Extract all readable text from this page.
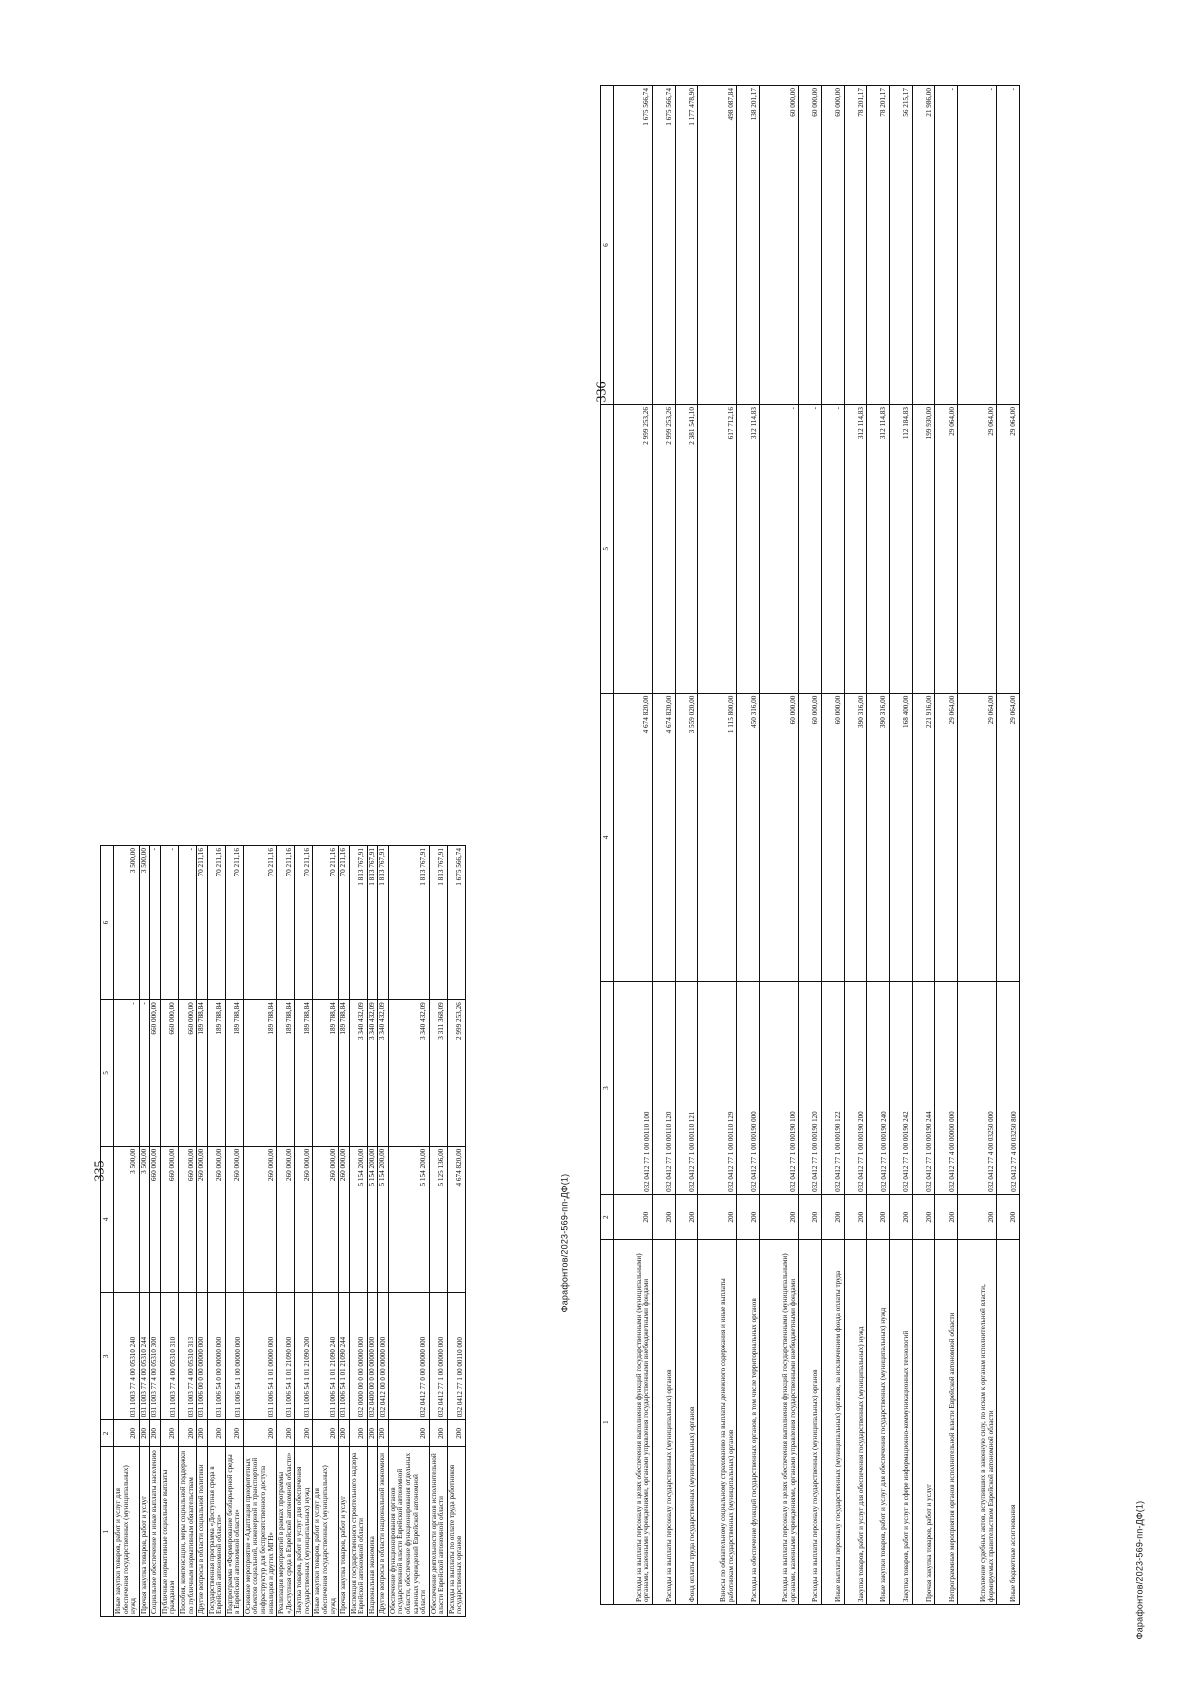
335
336
1	2	3	4	5	6
Иные закупки товаров, работ и услуг для обеспечения государственных (муниципальных) нужд	200	031 1003 77 4 00 05310 240	3 500,00	-	3 500,00
Прочая закупка товаров, работ и услуг	200	031 1003 77 4 00 05310 244	3 500,00	-	3 500,00
Социальное обеспечение и иные выплаты населению	200	031 1003 77 4 00 05310 300	660 000,00	660 000,00	-
Публичные нормативные социальные выплаты гражданам	200	031 1003 77 4 00 05310 310	660 000,00	660 000,00	-
Пособия, компенсации, меры социальной поддержки по публичным нормативным обязательствам	200	031 1003 77 4 00 05310 313	660 000,00	660 000,00	-
Другие вопросы в области социальной политики	200	031 1006 00 0 00 00000 000	260 000,00	189 788,84	70 211,16
Государственная программа «Доступная среда в Еврейской автономной области»	200	031 1006 54 0 00 00000 000	260 000,00	189 788,84	70 211,16
Подпрограмма «Формирование безбарьерной среды в Еврейской автономной области»	200	031 1006 54 1 00 00000 000	260 000,00	189 788,84	70 211,16
Основное мероприятие «Адаптация приоритетных объектов социальной, инженерной и транспортной инфраструктур для беспрепятственного доступа инвалидов и других МГН»	200	031 1006 54 1 01 00000 000	260 000,00	189 788,84	70 211,16
Реализация мероприятий в рамках программы «Доступная среда в Еврейской автономной области»	200	031 1006 54 1 01 21090 000	260 000,00	189 788,84	70 211,16
Закупка товаров, работ и услуг для обеспечения государственных (муниципальных) нужд	200	031 1006 54 1 01 21090 200	260 000,00	189 788,84	70 211,16
Иные закупки товаров, работ и услуг для обеспечения государственных (муниципальных) нужд	200	031 1006 54 1 01 21090 240	260 000,00	189 788,84	70 211,16
Прочая закупка товаров, работ и услуг	200	031 1006 54 1 01 21090 244	260 000,00	189 788,84	70 211,16
Инспекция государственного строительного надзора Еврейской автономной области	200	032 0000 00 0 00 00000 000	5 154 200,00	3 340 432,09	1 813 767,91
Национальная экономика	200	032 0400 00 0 00 00000 000	5 154 200,00	3 340 432,09	1 813 767,91
Другие вопросы в области национальной экономики	200	032 0412 00 0 00 00000 000	5 154 200,00	3 340 432,09	1 813 767,91
Обеспечение функционирования органов государственной власти Еврейской автономной области, обеспечение функционирования отдельных казенных учреждений Еврейской автономной области	200	032 0412 77 0 00 00000 000	5 154 200,00	3 340 432,09	1 813 767,91
Обеспечение деятельности органов исполнительной власти Еврейской автономной области	200	032 0412 77 1 00 00000 000	5 125 136,00	3 311 368,09	1 813 767,91
Расходы на выплаты по оплате труда работников государственных органов	200	032 0412 77 1 00 00110 000	4 674 820,00	2 999 253,26	1 675 566,74
1	2	3	4	5	6
Расходы на выплаты персоналу в целях обеспечения выполнения функций государственными (муниципальными) органами, казенными учреждениями, органами управления государственными внебюджетными фондами	200	032 0412 77 1 00 00110 100	4 674 820,00	2 999 253,26	1 675 566,74
Расходы на выплаты персоналу государственных (муниципальных) органов	200	032 0412 77 1 00 00110 120	4 674 820,00	2 999 253,26	1 675 566,74
Фонд оплаты труда государственных (муниципальных) органов	200	032 0412 77 1 00 00110 121	3 559 020,00	2 381 541,10	1 177 478,90
Взносы по обязательному социальному страхованию на выплаты денежного содержания и иные выплаты работникам государственных (муниципальных) органов	200	032 0412 77 1 00 00110 129	1 115 800,00	617 712,16	498 087,84
Расходы на обеспечение функций государственных органов, в том числе территориальных органов	200	032 0412 77 1 00 00190 000	450 316,00	312 114,83	138 201,17
Расходы на выплаты персоналу в целях обеспечения выполнения функций государственными (муниципальными) органами, казенными учреждениями, органами управления государственными внебюджетными фондами	200	032 0412 77 1 00 00190 100	60 000,00	-	60 000,00
Расходы на выплаты персоналу государственных (муниципальных) органов	200	032 0412 77 1 00 00190 120	60 000,00	-	60 000,00
Иные выплаты персоналу государственных (муниципальных) органов, за исключением фонда оплаты труда	200	032 0412 77 1 00 00190 122	60 000,00	-	60 000,00
Закупка товаров, работ и услуг для обеспечения государственных (муниципальных) нужд	200	032 0412 77 1 00 00190 200	390 316,00	312 114,83	78 201,17
Иные закупки товаров, работ и услуг для обеспечения государственных (муниципальных) нужд	200	032 0412 77 1 00 00190 240	390 316,00	312 114,83	78 201,17
Закупка товаров, работ и услуг в сфере информационно-коммуникационных технологий	200	032 0412 77 1 00 00190 242	168 400,00	112 184,83	56 215,17
Прочая закупка товаров, работ и услуг	200	032 0412 77 1 00 00190 244	221 916,00	199 930,00	21 986,00
Непрограммные мероприятия органов исполнительной власти Еврейской автономной области	200	032 0412 77 4 00 00000 000	29 064,00	29 064,00	-
Исполнение судебных актов, вступивших в законную силу, по искам к органам исполнительной власти, формируемых правительством Еврейской автономной области	200	032 0412 77 4 00 03250 000	29 064,00	29 064,00	-
Иные бюджетные ассигнования	200	032 0412 77 4 00 03250 800	29 064,00	29 064,00	-
Фарафонтов/2023-569-пп-ДФ(1)
Фарафонтов/2023-569-пп-ДФ(1)
